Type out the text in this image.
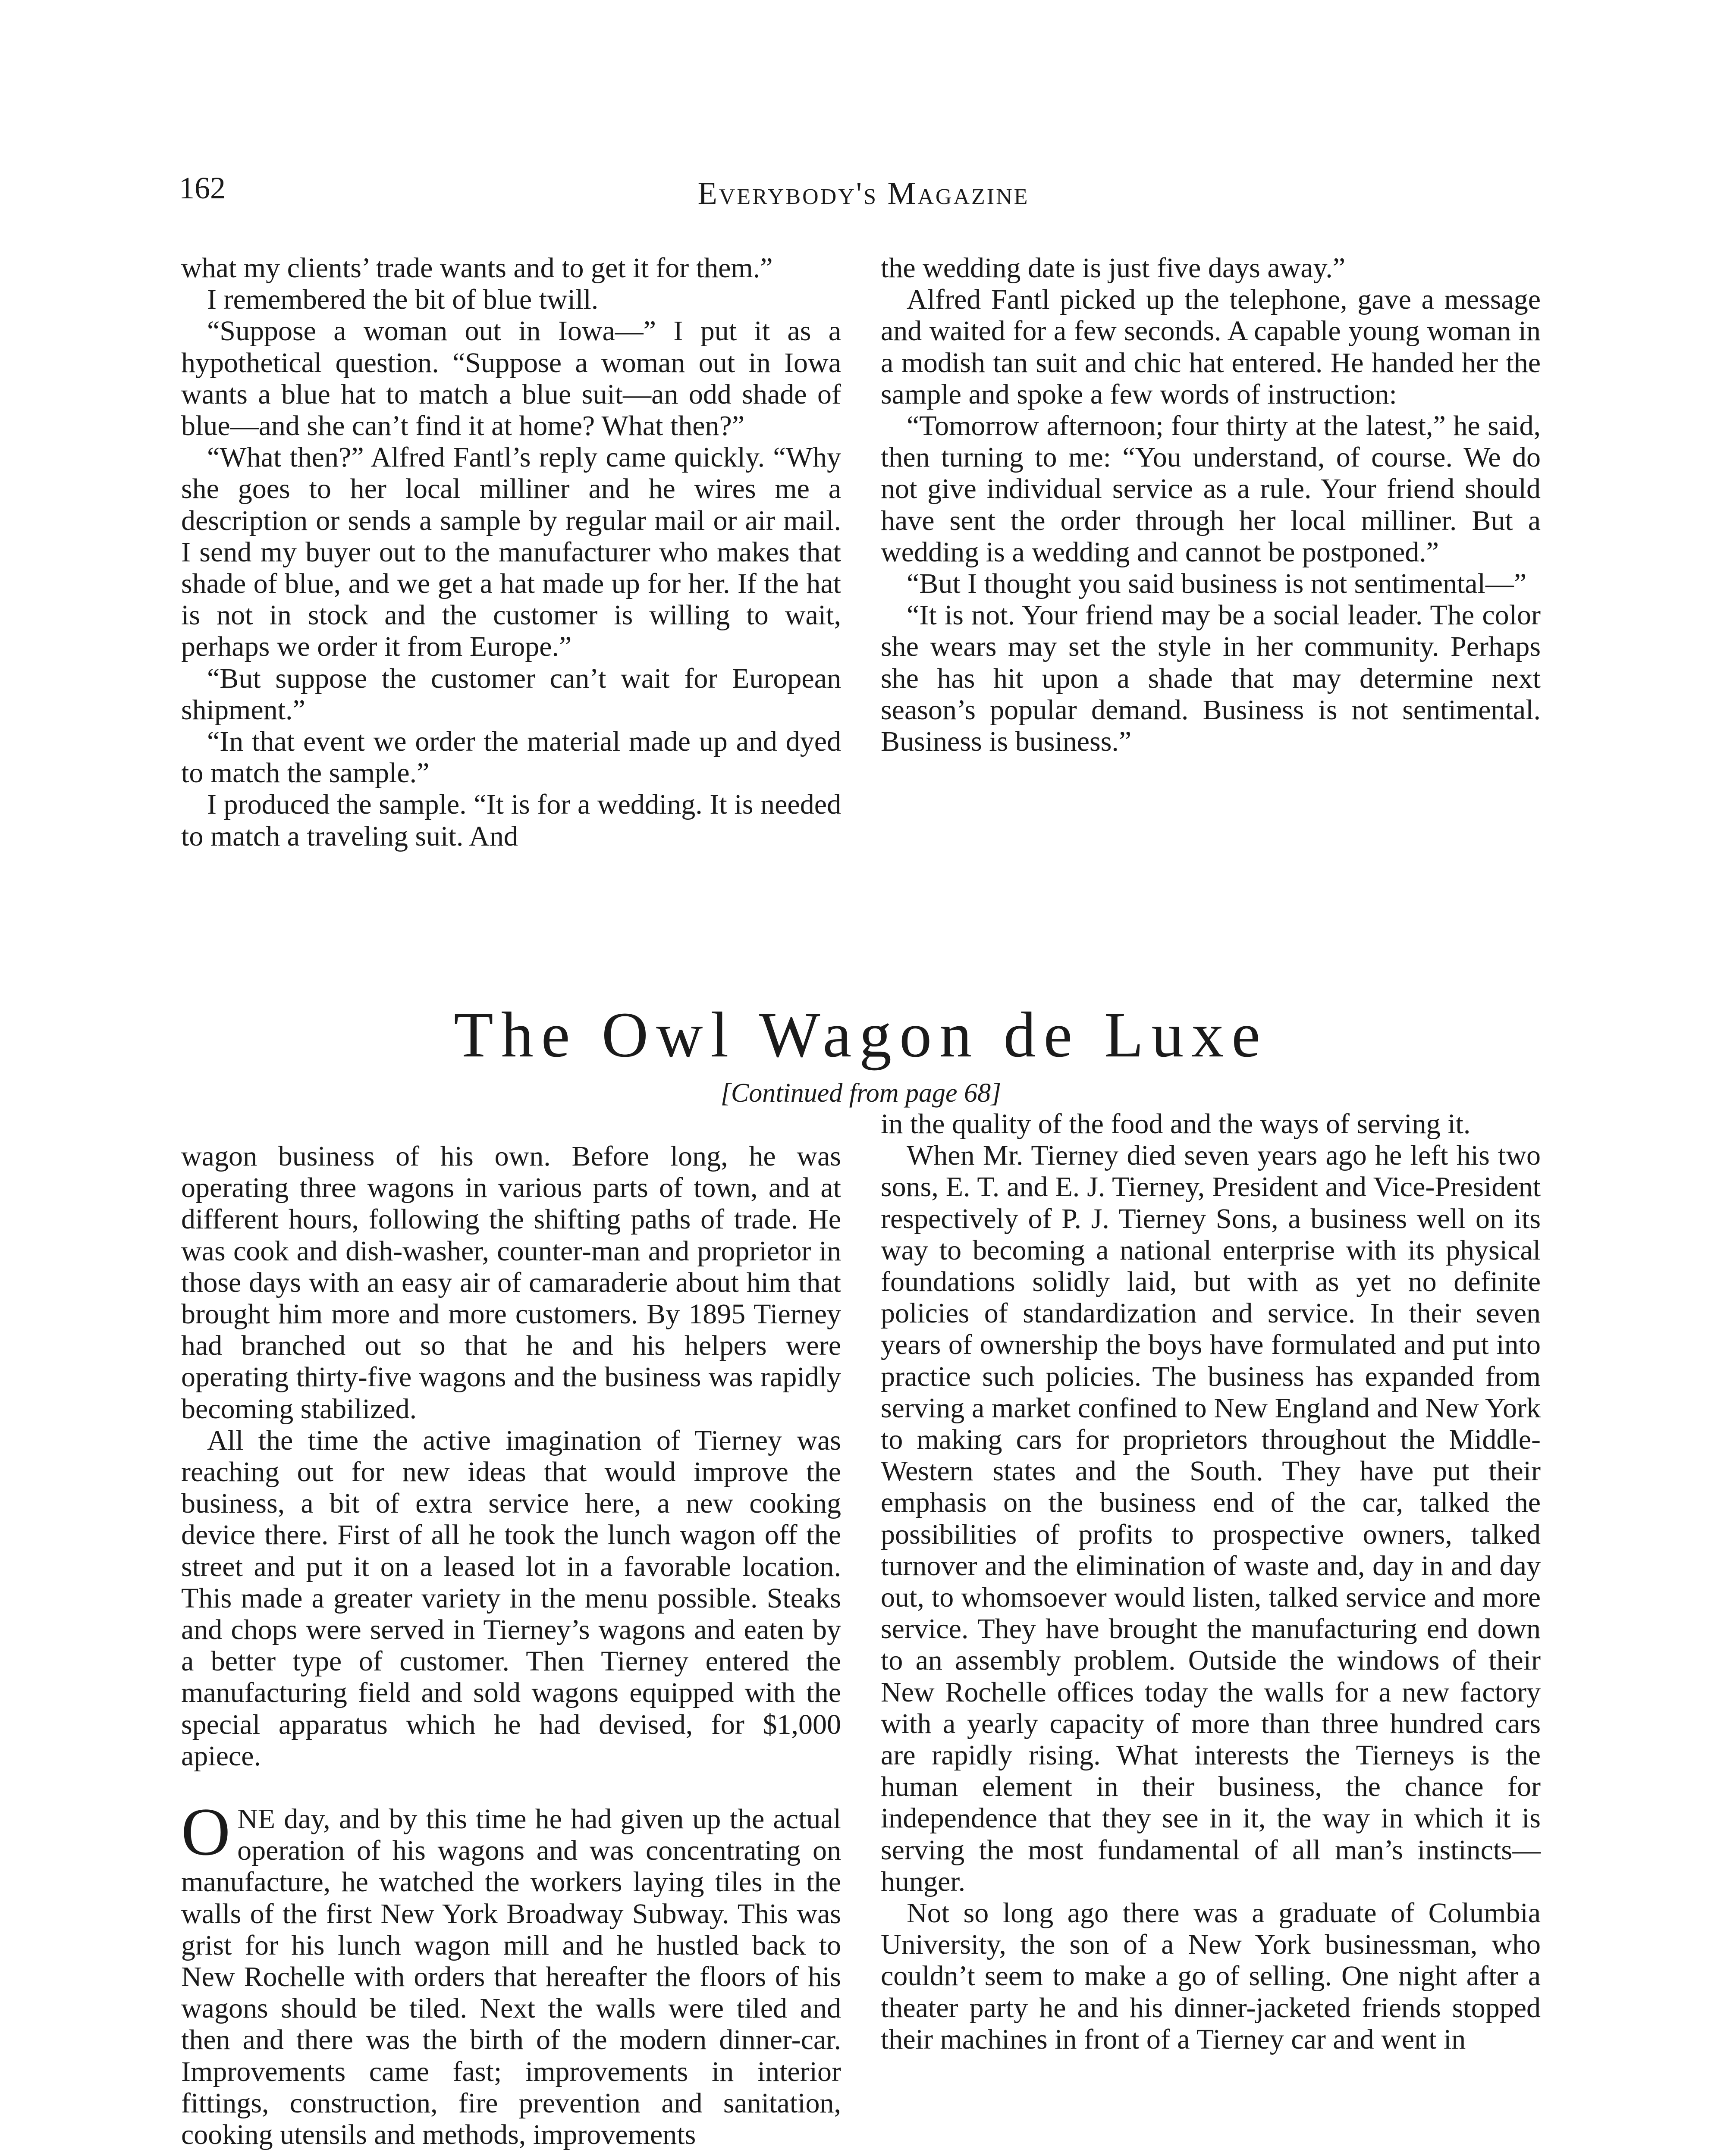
162	Everybody's Magazine

what my clients’ trade wants and to get it for them.”

I remembered the bit of blue twill.

“Suppose a woman out in Iowa—” I put it as a hypothetical question. “Suppose a woman out in Iowa wants a blue hat to match a blue suit—an odd shade of blue—and she can’t find it at home? What then?”

“What then?” Alfred Fantl’s reply came quickly. “Why she goes to her local milliner and he wires me a description or sends a sample by regular mail or air mail. I send my buyer out to the manufacturer who makes that shade of blue, and we get a hat made up for her. If the hat is not in stock and the customer is willing to wait, perhaps we order it from Europe.”

“But suppose the customer can’t wait for European shipment.”

“In that event we order the material made up and dyed to match the sample.”

I produced the sample. “It is for a wedding. It is needed to match a traveling suit. And

the wedding date is just five days away.”

Alfred Fantl picked up the telephone, gave a message and waited for a few seconds. A capable young woman in a modish tan suit and chic hat entered. He handed her the sample and spoke a few words of instruction:

“Tomorrow afternoon; four thirty at the latest,” he said, then turning to me: “You understand, of course. We do not give individual service as a rule. Your friend should have sent the order through her local milliner. But a wedding is a wedding and cannot be postponed.”

“But I thought you said business is not sentimental—”

“It is not. Your friend may be a social leader. The color she wears may set the style in her community. Perhaps she has hit upon a shade that may determine next season’s popular demand. Business is not sentimental. Business is business.”

The Owl Wagon de Luxe
[Continued from page 68]

wagon business of his own. Before long, he was operating three wagons in various parts of town, and at different hours, following the shifting paths of trade. He was cook and dish-washer, counter-man and proprietor in those days with an easy air of camaraderie about him that brought him more and more customers. By 1895 Tierney had branched out so that he and his helpers were operating thirty-five wagons and the business was rapidly becoming stabilized.

All the time the active imagination of Tierney was reaching out for new ideas that would improve the business, a bit of extra service here, a new cooking device there. First of all he took the lunch wagon off the street and put it on a leased lot in a favorable location. This made a greater variety in the menu possible. Steaks and chops were served in Tierney’s wagons and eaten by a better type of customer. Then Tierney entered the manufacturing field and sold wagons equipped with the special apparatus which he had devised, for $1,000 apiece.

ONE day, and by this time he had given up the actual operation of his wagons and was concentrating on manufacture, he watched the workers laying tiles in the walls of the first New York Broadway Subway. This was grist for his lunch wagon mill and he hustled back to New Rochelle with orders that hereafter the floors of his wagons should be tiled. Next the walls were tiled and then and there was the birth of the modern dinner-car. Improvements came fast; improvements in interior fittings, construction, fire prevention and sanitation, cooking utensils and methods, improvements

in the quality of the food and the ways of serving it.

When Mr. Tierney died seven years ago he left his two sons, E. T. and E. J. Tierney, President and Vice-President respectively of P. J. Tierney Sons, a business well on its way to becoming a national enterprise with its physical foundations solidly laid, but with as yet no definite policies of standardization and service. In their seven years of ownership the boys have formulated and put into practice such policies. The business has expanded from serving a market confined to New England and New York to making cars for proprietors throughout the Middle-Western states and the South. They have put their emphasis on the business end of the car, talked the possibilities of profits to prospective owners, talked turnover and the elimination of waste and, day in and day out, to whomsoever would listen, talked service and more service. They have brought the manufacturing end down to an assembly problem. Outside the windows of their New Rochelle offices today the walls for a new factory with a yearly capacity of more than three hundred cars are rapidly rising. What interests the Tierneys is the human element in their business, the chance for independence that they see in it, the way in which it is serving the most fundamental of all man’s instincts—hunger.

Not so long ago there was a graduate of Columbia University, the son of a New York businessman, who couldn’t seem to make a go of selling. One night after a theater party he and his dinner-jacketed friends stopped their machines in front of a Tierney car and went in
